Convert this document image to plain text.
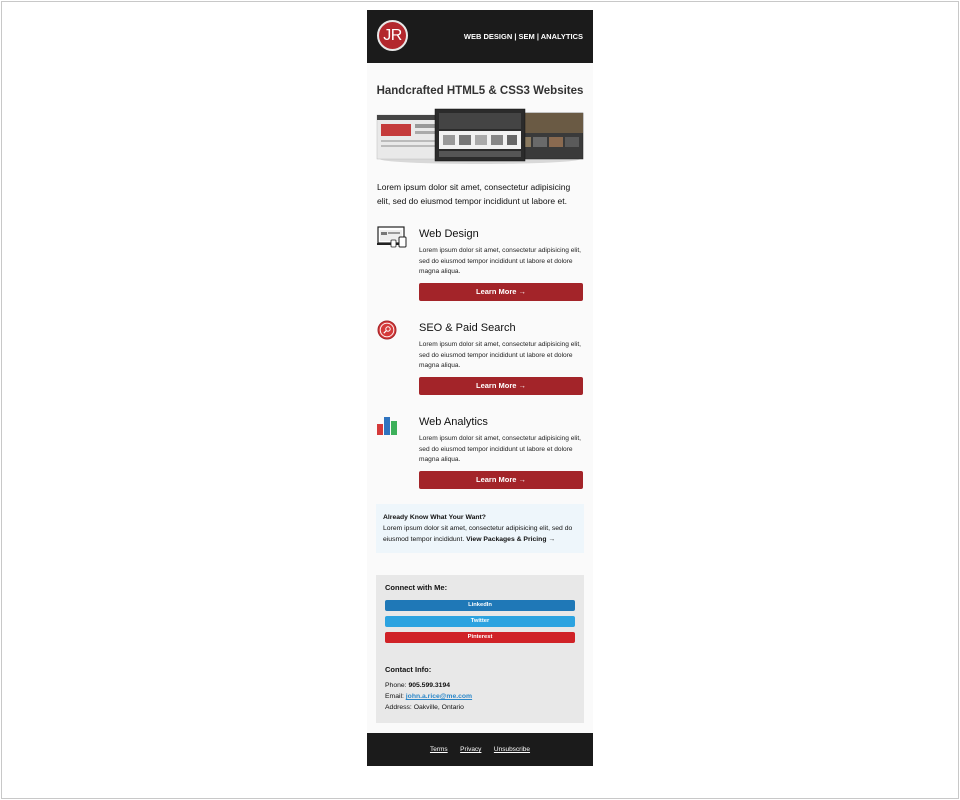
JR	WEB DESIGN | SEM | ANALYTICS
Handcrafted HTML5 & CSS3 Websites
Lorem ipsum dolor sit amet, consectetur adipisicing elit, sed do eiusmod tempor incididunt ut labore et.
Web Design
Lorem ipsum dolor sit amet, consectetur adipisicing elit, sed do eiusmod tempor incididunt ut labore et dolore magna aliqua.
Learn More →
SEO & Paid Search
Lorem ipsum dolor sit amet, consectetur adipisicing elit, sed do eiusmod tempor incididunt ut labore et dolore magna aliqua.
Learn More →
Web Analytics
Lorem ipsum dolor sit amet, consectetur adipisicing elit, sed do eiusmod tempor incididunt ut labore et dolore magna aliqua.
Learn More →
Already Know What Your Want?
Lorem ipsum dolor sit amet, consectetur adipisicing elit, sed do eiusmod tempor incididunt. View Packages & Pricing →
Connect with Me:
LinkedIn
Twitter
Pinterest
Contact Info:
Phone: 905.599.3194
Email: john.a.rice@me.com
Address: Oakville, Ontario
Terms Privacy Unsubscribe
